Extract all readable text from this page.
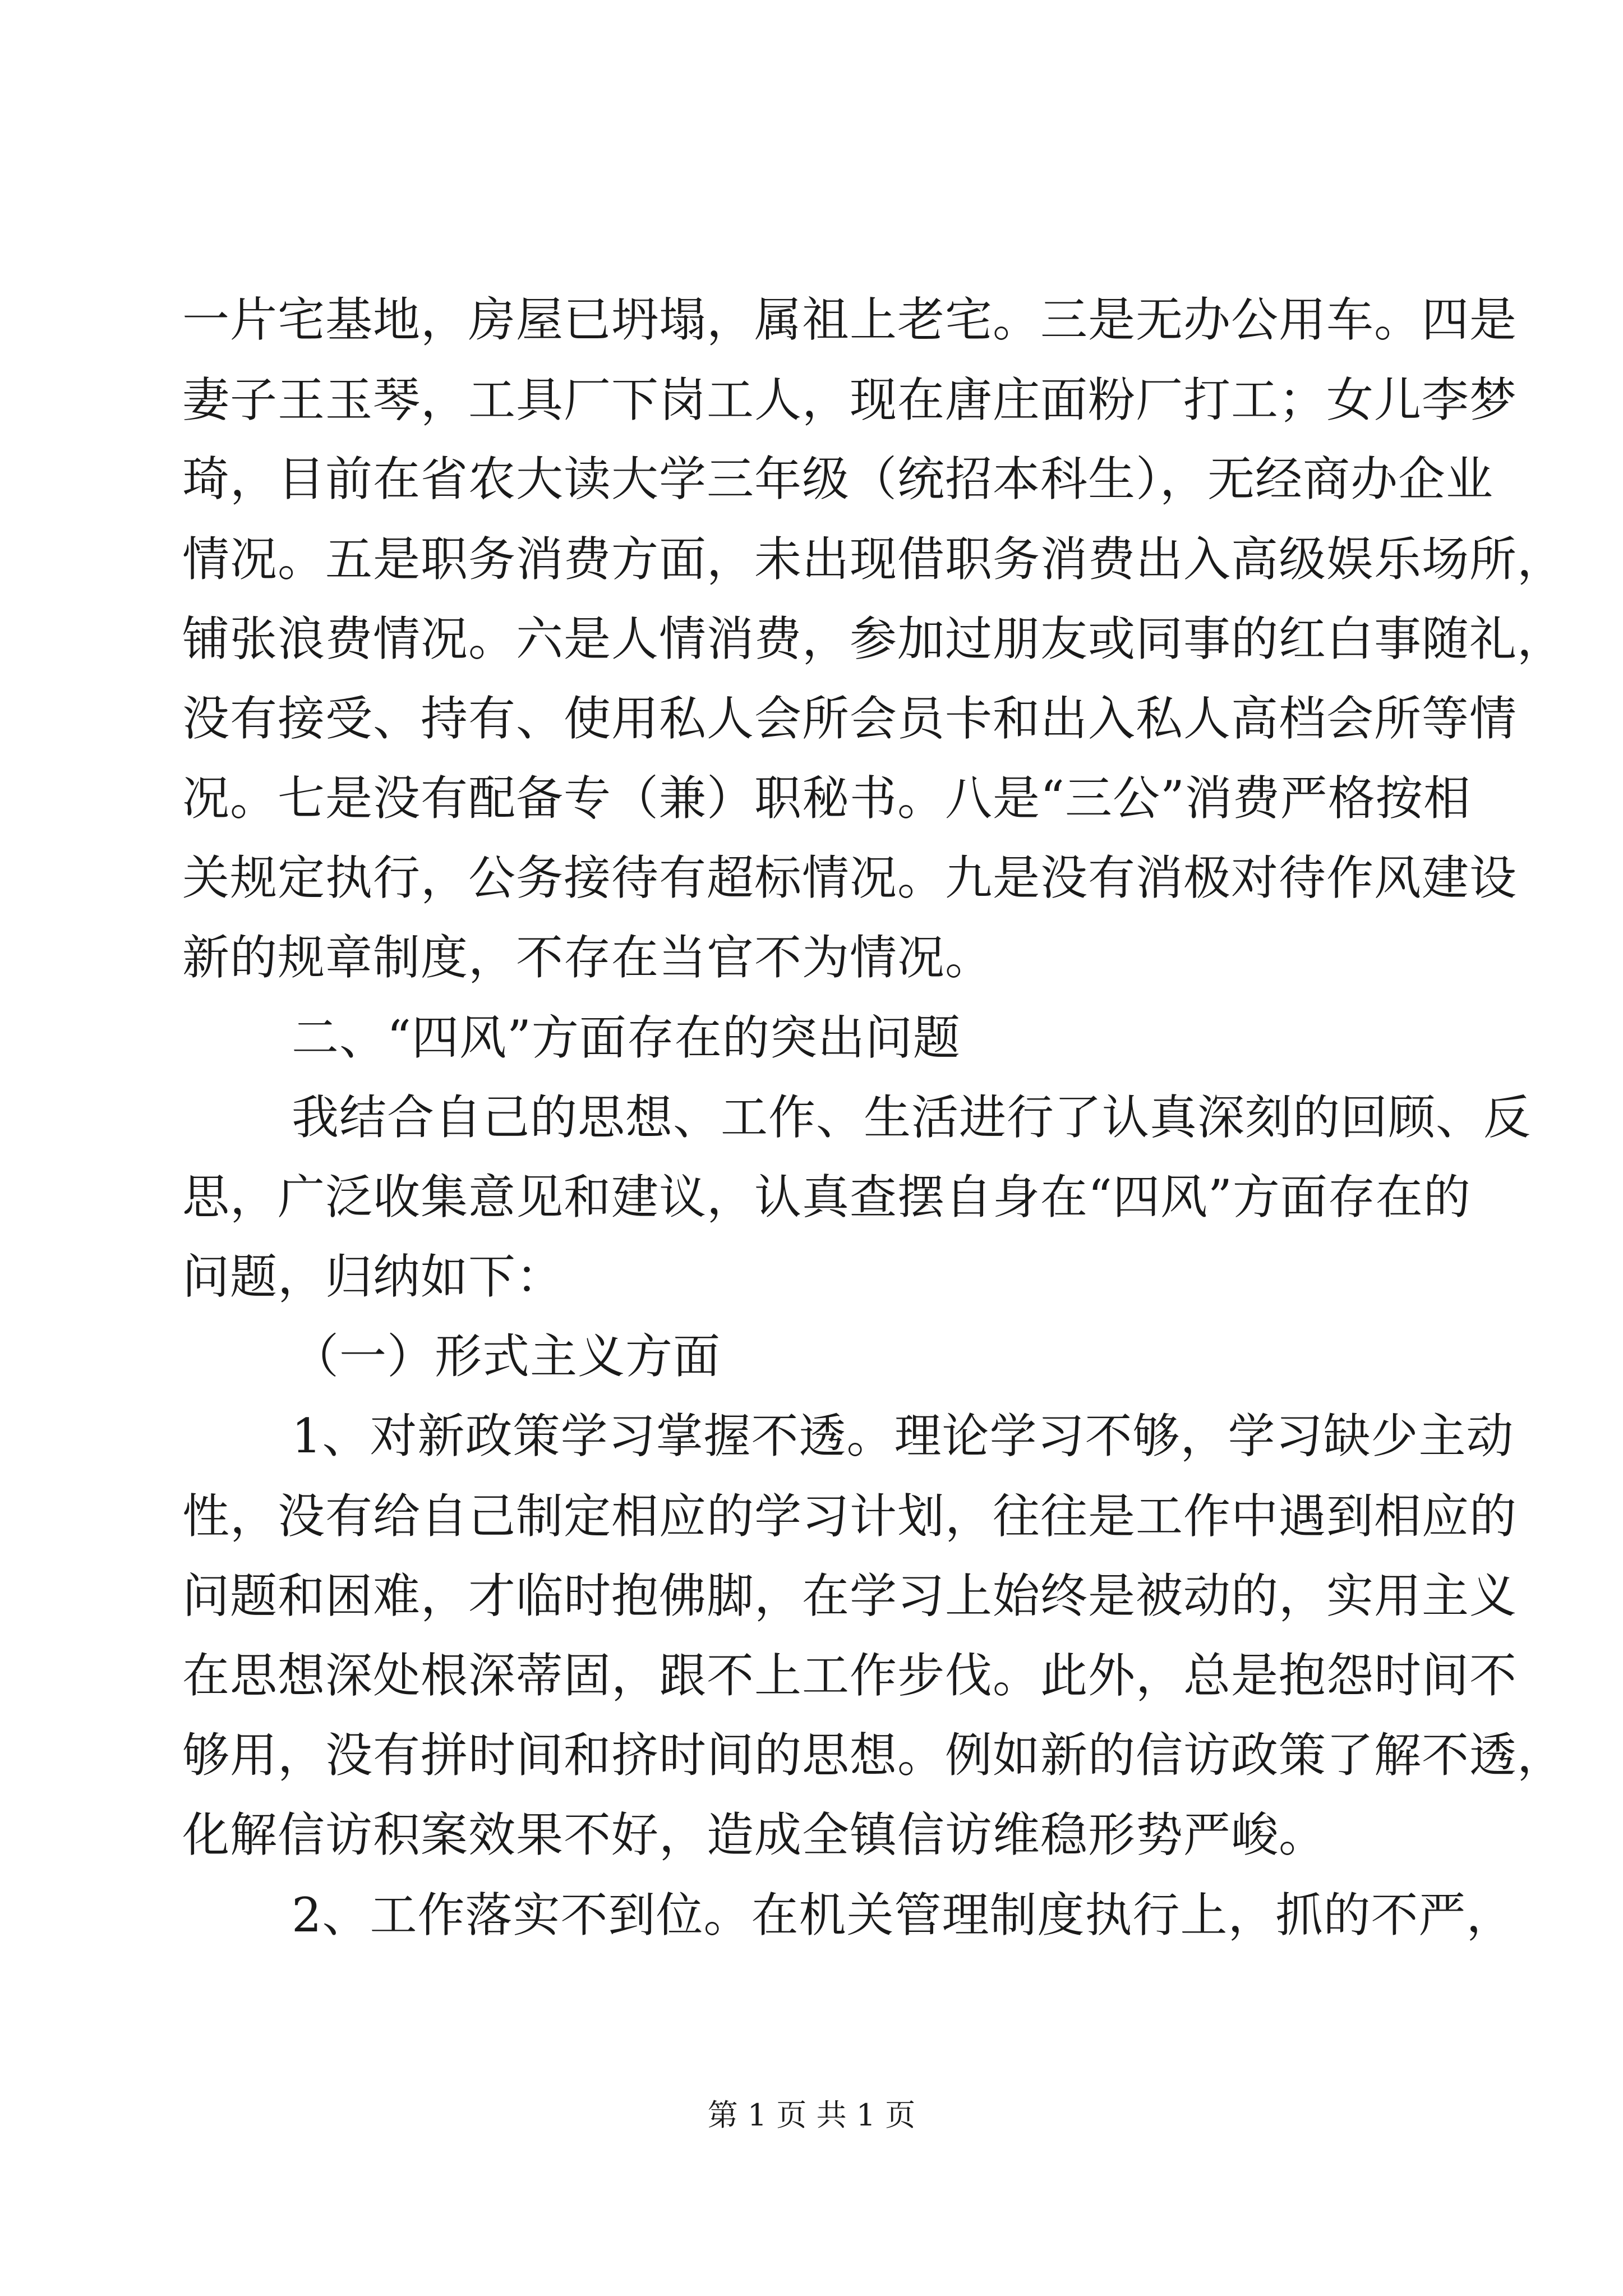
一片宅基地，房屋已坍塌，属祖上老宅。三是无办公用车。四是
妻子王玉琴，工具厂下岗工人，现在唐庄面粉厂打工；女儿李梦
琦，目前在省农大读大学三年级（统招本科生），无经商办企业
情况。五是职务消费方面，未出现借职务消费出入高级娱乐场所，
铺张浪费情况。六是人情消费，参加过朋友或同事的红白事随礼，
没有接受、持有、使用私人会所会员卡和出入私人高档会所等情
况。七是没有配备专（兼）职秘书。八是“三公”消费严格按相
关规定执行，公务接待有超标情况。九是没有消极对待作风建设
新的规章制度，不存在当官不为情况。
二、“四风”方面存在的突出问题
我结合自己的思想、工作、生活进行了认真深刻的回顾、反
思，广泛收集意见和建议，认真查摆自身在“四风”方面存在的
问题，归纳如下：
（一）形式主义方面
1、对新政策学习掌握不透。理论学习不够，学习缺少主动
性，没有给自己制定相应的学习计划，往往是工作中遇到相应的
问题和困难，才临时抱佛脚，在学习上始终是被动的，实用主义
在思想深处根深蒂固，跟不上工作步伐。此外，总是抱怨时间不
够用，没有拼时间和挤时间的思想。例如新的信访政策了解不透，
化解信访积案效果不好，造成全镇信访维稳形势严峻。
2、工作落实不到位。在机关管理制度执行上，抓的不严，
第 1 页 共 1 页
